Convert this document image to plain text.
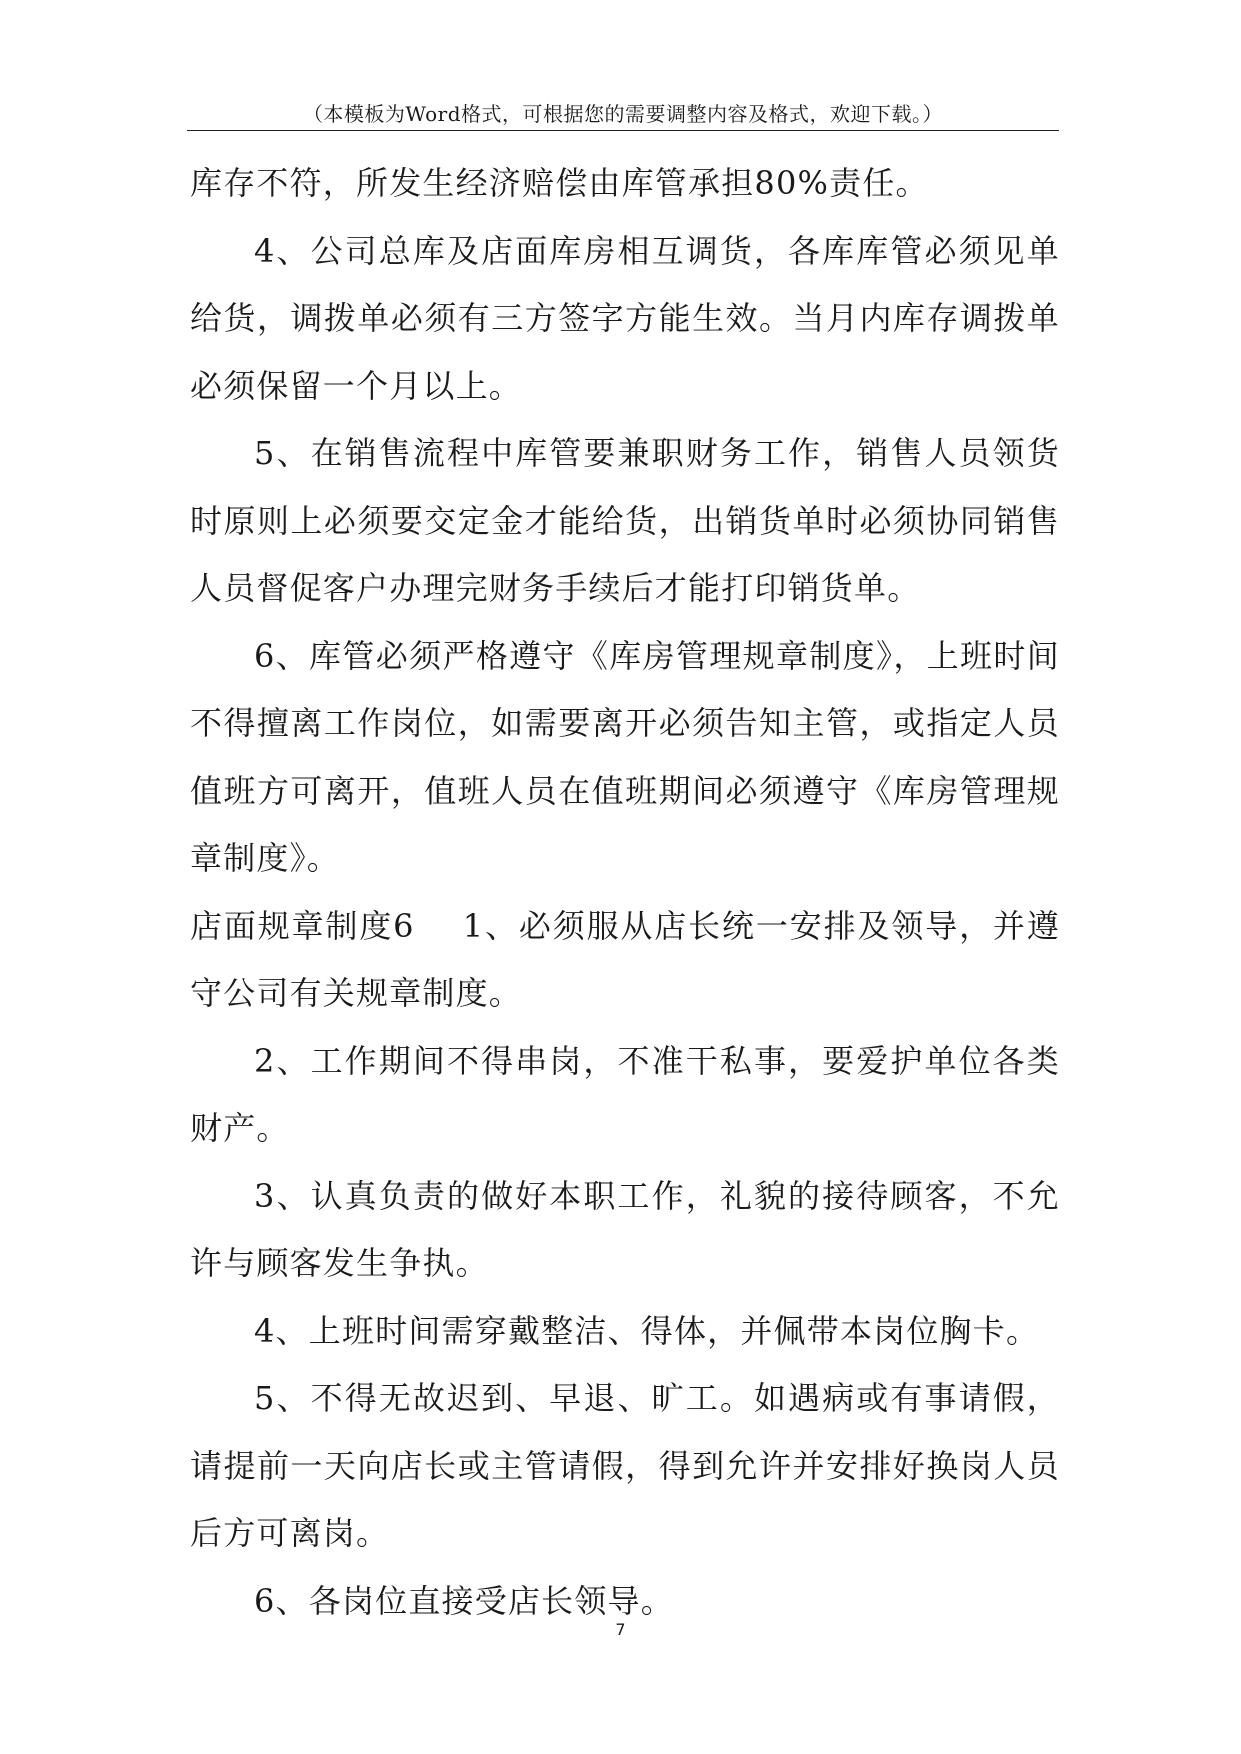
（本模板为Word格式，可根据您的需要调整内容及格式，欢迎下载。）

库存不符，所发生经济赔偿由库管承担80%责任。

4、公司总库及店面库房相互调货，各库库管必须见单给货，调拨单必须有三方签字方能生效。当月内库存调拨单必须保留一个月以上。

5、在销售流程中库管要兼职财务工作，销售人员领货时原则上必须要交定金才能给货，出销货单时必须协同销售人员督促客户办理完财务手续后才能打印销货单。

6、库管必须严格遵守《库房管理规章制度》，上班时间不得擅离工作岗位，如需要离开必须告知主管，或指定人员值班方可离开，值班人员在值班期间必须遵守《库房管理规章制度》。

店面规章制度6 1、必须服从店长统一安排及领导，并遵守公司有关规章制度。

2、工作期间不得串岗，不准干私事，要爱护单位各类财产。

3、认真负责的做好本职工作，礼貌的接待顾客，不允许与顾客发生争执。

4、上班时间需穿戴整洁、得体，并佩带本岗位胸卡。

5、不得无故迟到、早退、旷工。如遇病或有事请假，请提前一天向店长或主管请假，得到允许并安排好换岗人员后方可离岗。

6、各岗位直接受店长领导。

7
